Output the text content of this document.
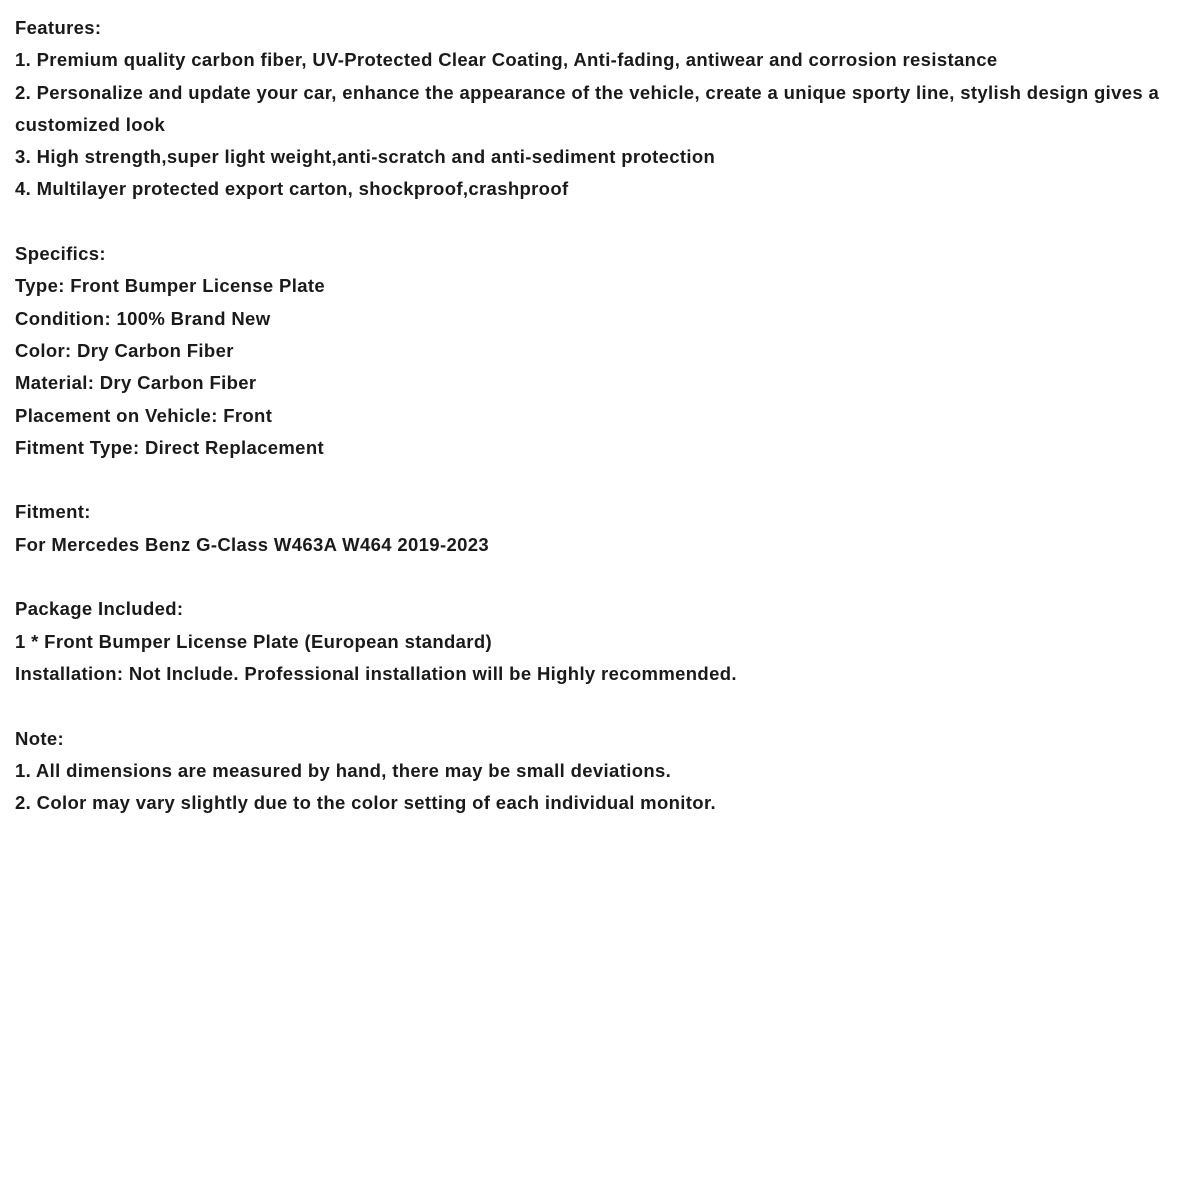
Features:
1. Premium quality carbon fiber, UV-Protected Clear Coating, Anti-fading, antiwear and corrosion resistance
2. Personalize and update your car, enhance the appearance of the vehicle, create a unique sporty line, stylish design gives a customized look
3. High strength,super light weight,anti-scratch and anti-sediment protection
4. Multilayer protected export carton, shockproof,crashproof
Specifics:
Type: Front Bumper License Plate
Condition: 100% Brand New
Color: Dry Carbon Fiber
Material: Dry Carbon Fiber
Placement on Vehicle: Front
Fitment Type: Direct Replacement
Fitment:
For Mercedes Benz G-Class W463A W464 2019-2023
Package Included:
1 * Front Bumper License Plate (European standard)
Installation: Not Include. Professional installation will be Highly recommended.
Note:
1. All dimensions are measured by hand, there may be small deviations.
2. Color may vary slightly due to the color setting of each individual monitor.
